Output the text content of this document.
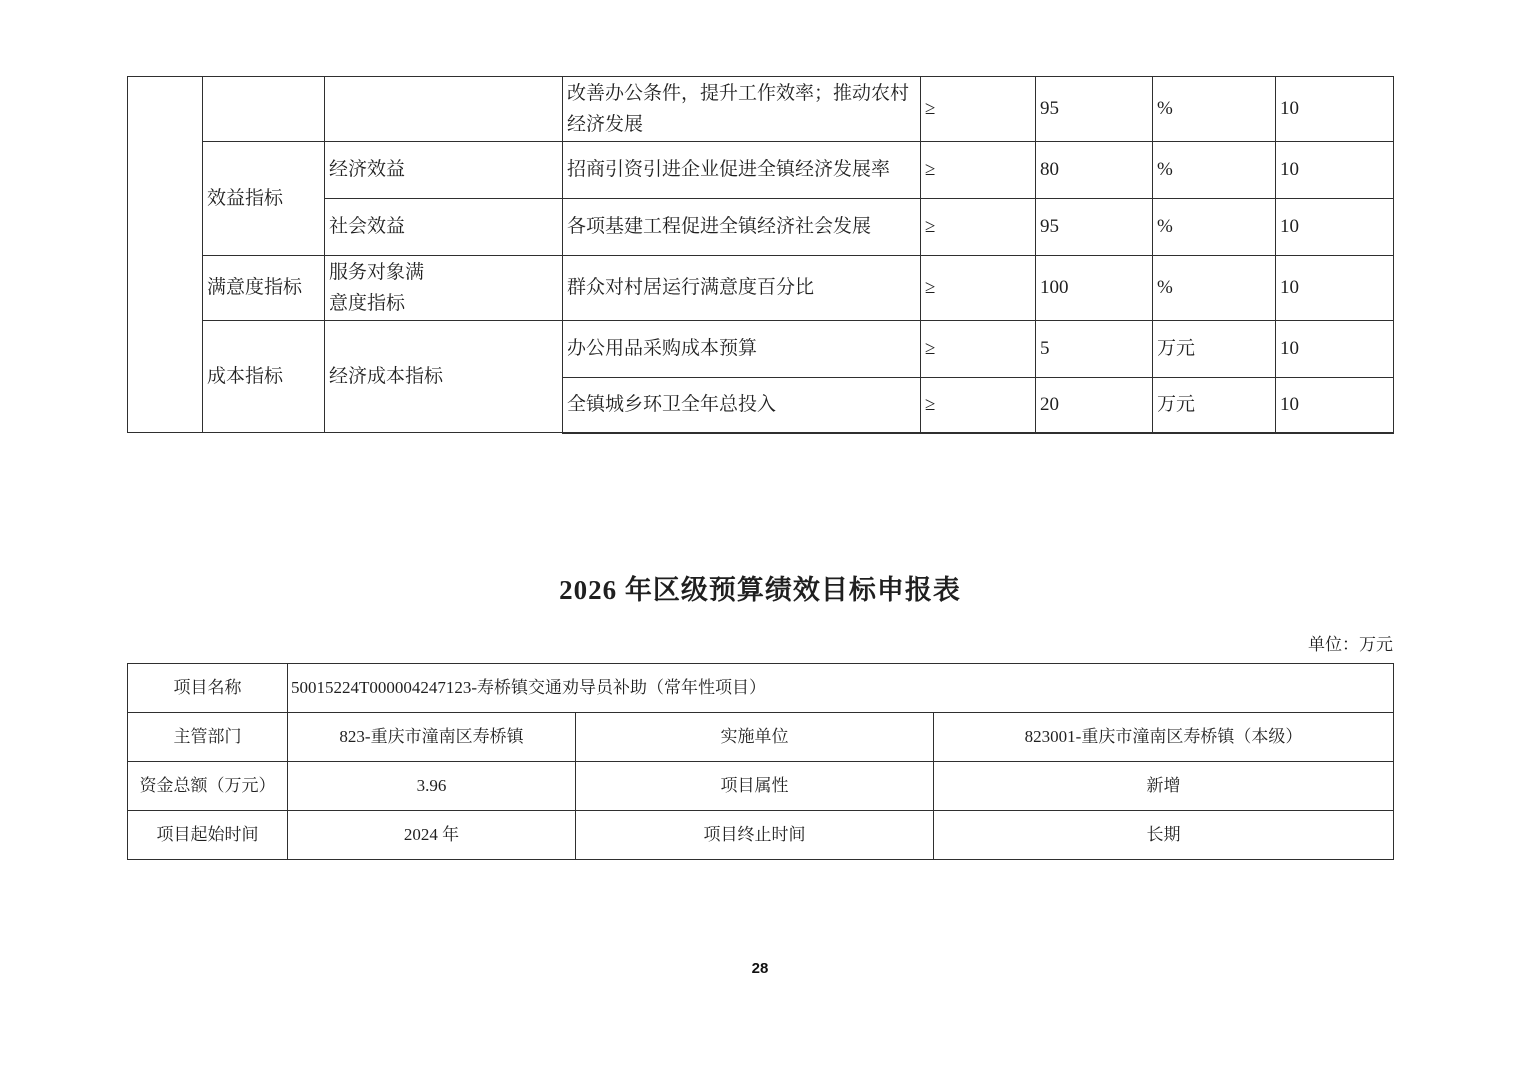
			改善办公条件，提升工作效率；推动农村
经济发展	≥	95	%	10
	效益指标	经济效益	招商引资引进企业促进全镇经济发展率	≥	80	%	10
		社会效益	各项基建工程促进全镇经济社会发展	≥	95	%	10
	满意度指标	服务对象满
意度指标	群众对村居运行满意度百分比	≥	100	%	10
	成本指标	经济成本指标	办公用品采购成本预算	≥	5	万元	10
			全镇城乡环卫全年总投入	≥	20	万元	10
2026 年区级预算绩效目标申报表
单位：万元
项目名称	50015224T000004247123-寿桥镇交通劝导员补助（常年性项目）		
主管部门	823-重庆市潼南区寿桥镇	实施单位	823001-重庆市潼南区寿桥镇（本级）
资金总额（万元）	3.96	项目属性	新增
项目起始时间	2024 年	项目终止时间	长期
28
